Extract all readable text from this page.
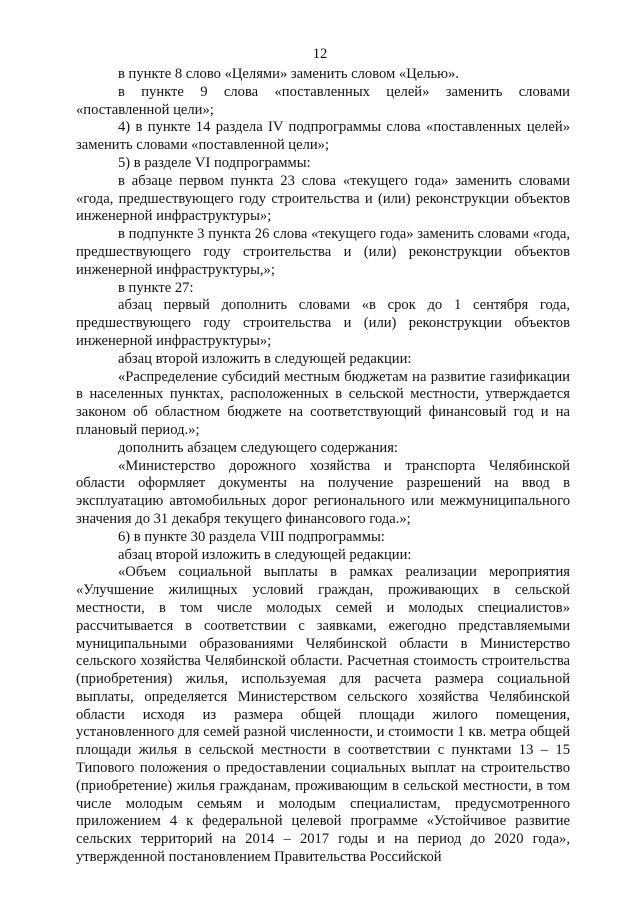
12

в пункте 8 слово «Целями» заменить словом «Целью».

в пункте 9 слова «поставленных целей» заменить словами «поставленной цели»;

4) в пункте 14 раздела IV подпрограммы слова «поставленных целей» заменить словами «поставленной цели»;

5) в разделе VI подпрограммы:

в абзаце первом пункта 23 слова «текущего года» заменить словами «года, предшествующего году строительства и (или) реконструкции объектов инженерной инфраструктуры»;

в подпункте 3 пункта 26 слова «текущего года» заменить словами «года, предшествующего году строительства и (или) реконструкции объектов инженерной инфраструктуры,»;

в пункте 27:

абзац первый дополнить словами «в срок до 1 сентября года, предшествующего году строительства и (или) реконструкции объектов инженерной инфраструктуры»;

абзац второй изложить в следующей редакции:

«Распределение субсидий местным бюджетам на развитие газификации в населенных пунктах, расположенных в сельской местности, утверждается законом об областном бюджете на соответствующий финансовый год и на плановый период.»;

дополнить абзацем следующего содержания:

«Министерство дорожного хозяйства и транспорта Челябинской области оформляет документы на получение разрешений на ввод в эксплуатацию автомобильных дорог регионального или межмуниципального значения до 31 декабря текущего финансового года.»;

6) в пункте 30 раздела VIII подпрограммы:

абзац второй изложить в следующей редакции:

«Объем социальной выплаты в рамках реализации мероприятия «Улучшение жилищных условий граждан, проживающих в сельской местности, в том числе молодых семей и молодых специалистов» рассчитывается в соответствии с заявками, ежегодно представляемыми муниципальными образованиями Челябинской области в Министерство сельского хозяйства Челябинской области. Расчетная стоимость строительства (приобретения) жилья, используемая для расчета размера социальной выплаты, определяется Министерством сельского хозяйства Челябинской области исходя из размера общей площади жилого помещения, установленного для семей разной численности, и стоимости 1 кв. метра общей площади жилья в сельской местности в соответствии с пунктами 13 – 15 Типового положения о предоставлении социальных выплат на строительство (приобретение) жилья гражданам, проживающим в сельской местности, в том числе молодым семьям и молодым специалистам, предусмотренного приложением 4 к федеральной целевой программе «Устойчивое развитие сельских территорий на 2014 – 2017 годы и на период до 2020 года», утвержденной постановлением Правительства Российской
